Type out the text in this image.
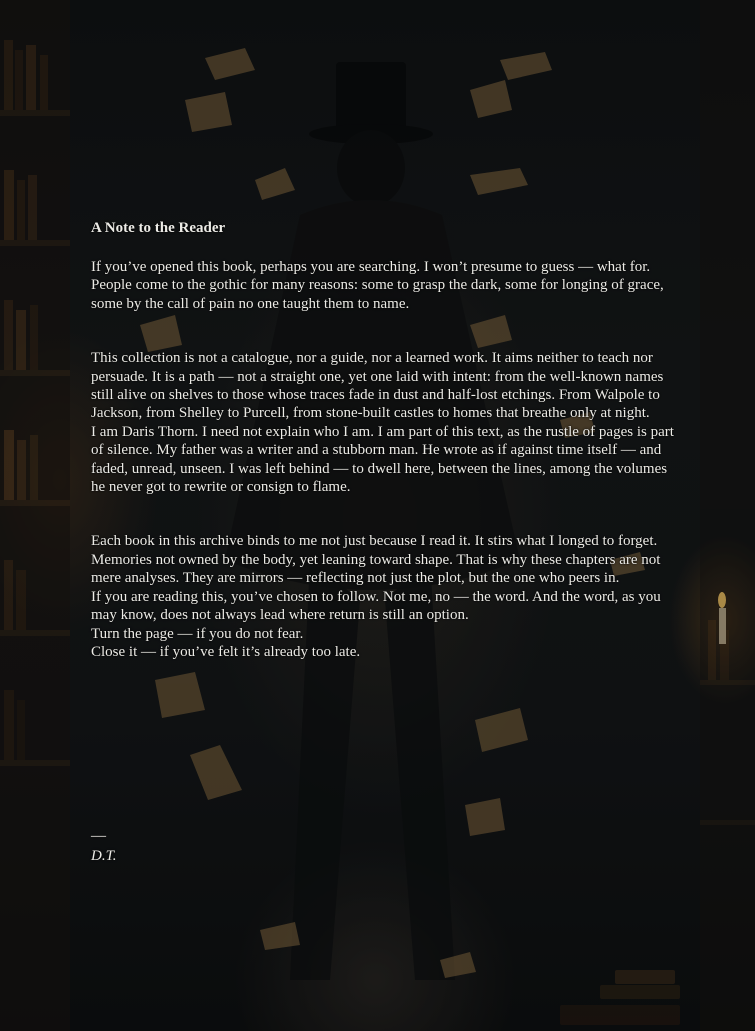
A Note to the Reader

If you’ve opened this book, perhaps you are searching. I won’t presume to guess — what for.
People come to the gothic for many reasons: some to grasp the dark, some for longing of grace,
some by the call of pain no one taught them to name.

This collection is not a catalogue, nor a guide, nor a learned work. It aims neither to teach nor
persuade. It is a path — not a straight one, yet one laid with intent: from the well-known names
still alive on shelves to those whose traces fade in dust and half-lost etchings. From Walpole to
Jackson, from Shelley to Purcell, from stone-built castles to homes that breathe only at night.
I am Daris Thorn. I need not explain who I am. I am part of this text, as the rustle of pages is part
of silence. My father was a writer and a stubborn man. He wrote as if against time itself — and
faded, unread, unseen. I was left behind — to dwell here, between the lines, among the volumes
he never got to rewrite or consign to flame.

Each book in this archive binds to me not just because I read it. It stirs what I longed to forget.
Memories not owned by the body, yet leaning toward shape. That is why these chapters are not
mere analyses. They are mirrors — reflecting not just the plot, but the one who peers in.
If you are reading this, you’ve chosen to follow. Not me, no — the word. And the word, as you
may know, does not always lead where return is still an option.
Turn the page — if you do not fear.
Close it — if you’ve felt it’s already too late.

—
D.T.
